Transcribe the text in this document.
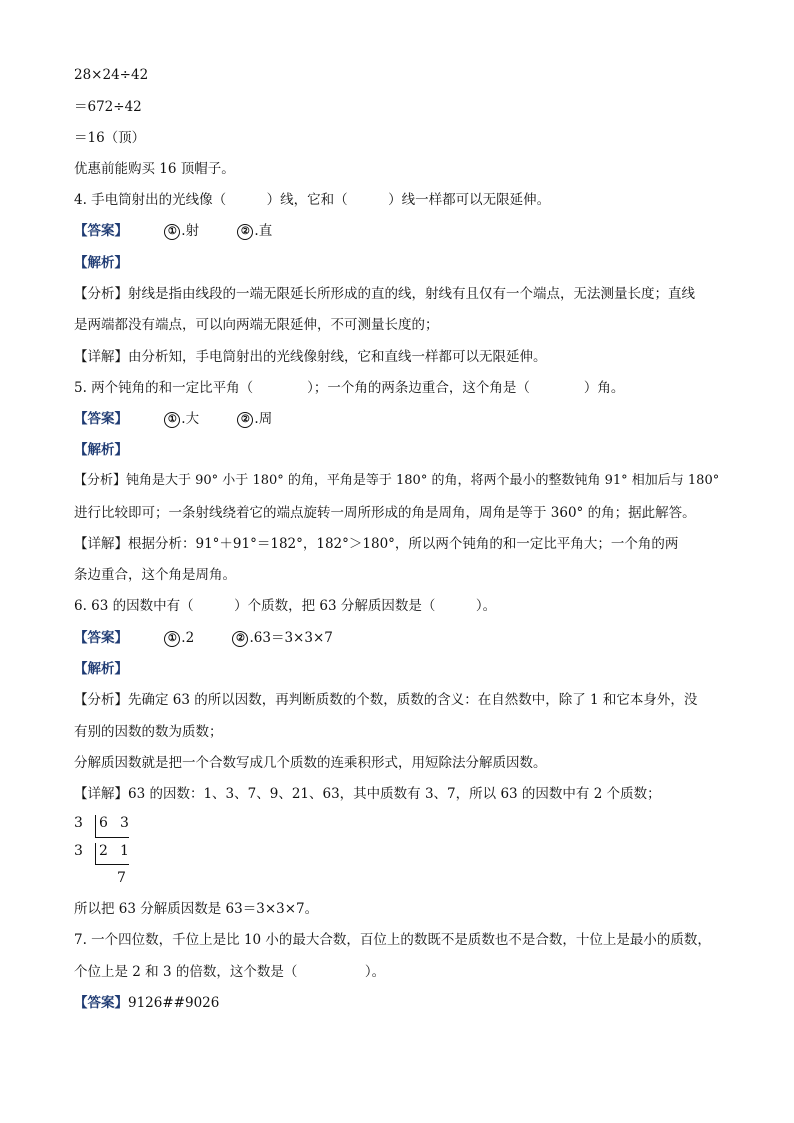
28×24÷42
＝672÷42
＝16（顶）
优惠前能购买 16 顶帽子。
4. 手电筒射出的光线像（　　　）线，它和（　　　）线一样都可以无限延伸。
【答案】	① .射	② .直
【解析】
【分析】射线是指由线段的一端无限延长所形成的直的线，射线有且仅有一个端点，无法测量长度；直线
是两端都没有端点，可以向两端无限延伸，不可测量长度的；
【详解】由分析知，手电筒射出的光线像射线，它和直线一样都可以无限延伸。
5. 两个钝角的和一定比平角（　　　　）；一个角的两条边重合，这个角是（　　　　）角。
【答案】	① .大	② .周
【解析】
【分析】钝角是大于 90° 小于 180° 的角，平角是等于 180° 的角，将两个最小的整数钝角 91° 相加后与 180°
进行比较即可；一条射线绕着它的端点旋转一周所形成的角是周角，周角是等于 360° 的角；据此解答。
【详解】根据分析：91°＋91°＝182°，182°＞180°，所以两个钝角的和一定比平角大；一个角的两
条边重合，这个角是周角。
6. 63 的因数中有（　　　）个质数，把 63 分解质因数是（　　　）。
【答案】	① .2	② .63＝3×3×7
【解析】
【分析】先确定 63 的所以因数，再判断质数的个数，质数的含义：在自然数中，除了 1 和它本身外，没
有别的因数的数为质数；
分解质因数就是把一个合数写成几个质数的连乘积形式，用短除法分解质因数。
【详解】63 的因数：1、3、7、9、21、63，其中质数有 3、7，所以 63 的因数中有 2 个质数；
3 6 3
3 2 1
7
所以把 63 分解质因数是 63＝3×3×7。
7. 一个四位数，千位上是比 10 小的最大合数，百位上的数既不是质数也不是合数，十位上是最小的质数，
个位上是 2 和 3 的倍数，这个数是（　　　　　）。
【答案】9126##9026
